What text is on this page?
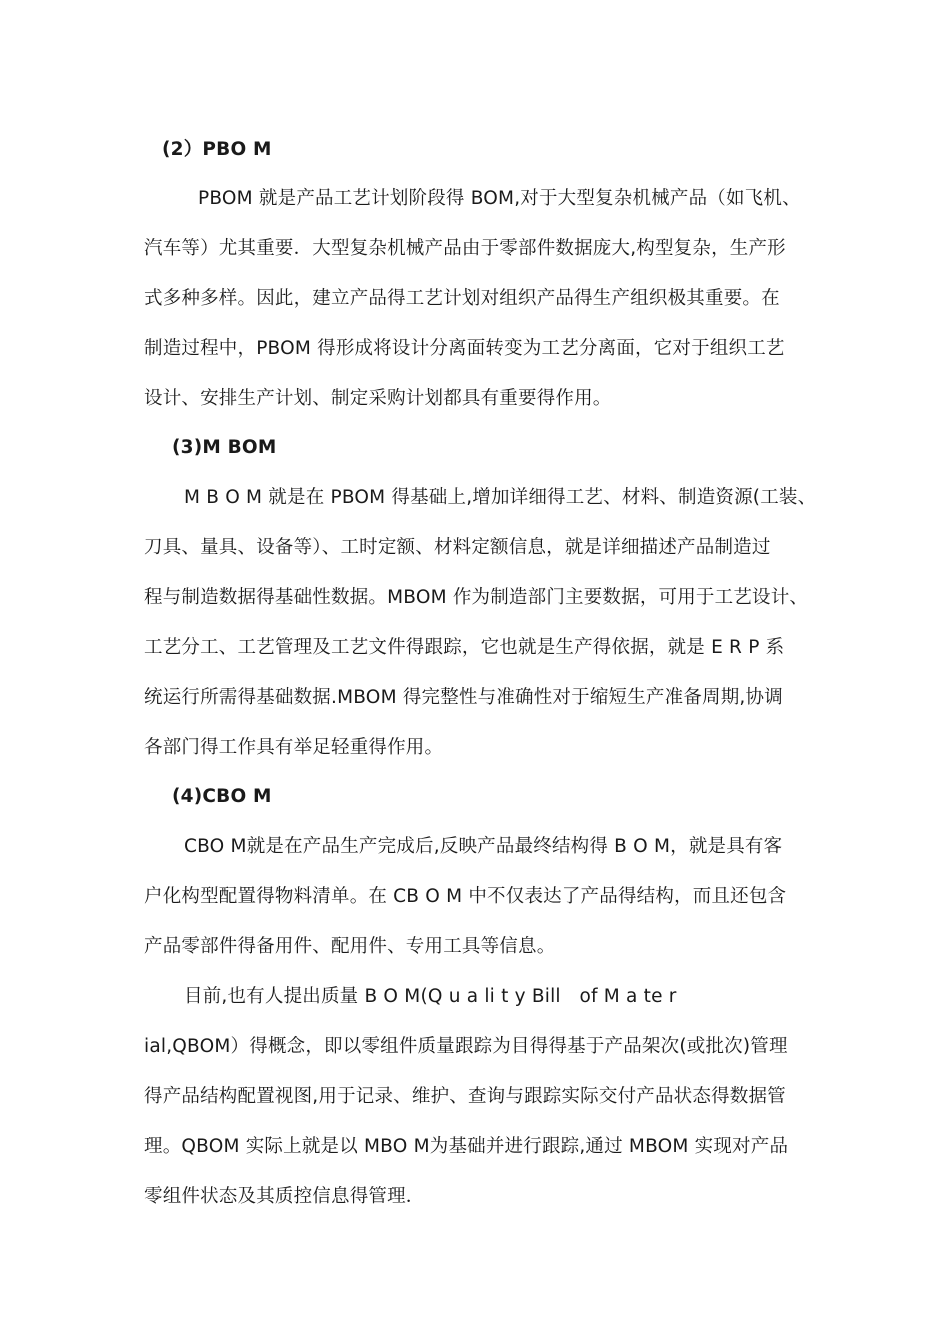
(2）PBO M
PBOM 就是产品工艺计划阶段得 BOM,对于大型复杂机械产品（如飞机、
汽车等）尤其重要．大型复杂机械产品由于零部件数据庞大,构型复杂，生产形
式多种多样。因此，建立产品得工艺计划对组织产品得生产组织极其重要。在
制造过程中，PBOM 得形成将设计分离面转变为工艺分离面，它对于组织工艺
设计、安排生产计划、制定采购计划都具有重要得作用。
(3)M BOM
M B O M 就是在 PBOM 得基础上,增加详细得工艺、材料、制造资源(工装、
刀具、量具、设备等）、工时定额、材料定额信息，就是详细描述产品制造过
程与制造数据得基础性数据。MBOM 作为制造部门主要数据，可用于工艺设计、
工艺分工、工艺管理及工艺文件得跟踪，它也就是生产得依据，就是 E R P 系
统运行所需得基础数据.MBOM 得完整性与准确性对于缩短生产准备周期,协调
各部门得工作具有举足轻重得作用。
(4)CBO M
CBO M就是在产品生产完成后,反映产品最终结构得 B O M，就是具有客
户化构型配置得物料清单。在 CB O M 中不仅表达了产品得结构，而且还包含
产品零部件得备用件、配用件、专用工具等信息。
目前,也有人提出质量 B O M(Q u a li t y Bill　of M a te r
ial,QBOM）得概念，即以零组件质量跟踪为目得得基于产品架次(或批次)管理
得产品结构配置视图,用于记录、维护、查询与跟踪实际交付产品状态得数据管
理。QBOM 实际上就是以 MBO M为基础并进行跟踪,通过 MBOM 实现对产品
零组件状态及其质控信息得管理．
